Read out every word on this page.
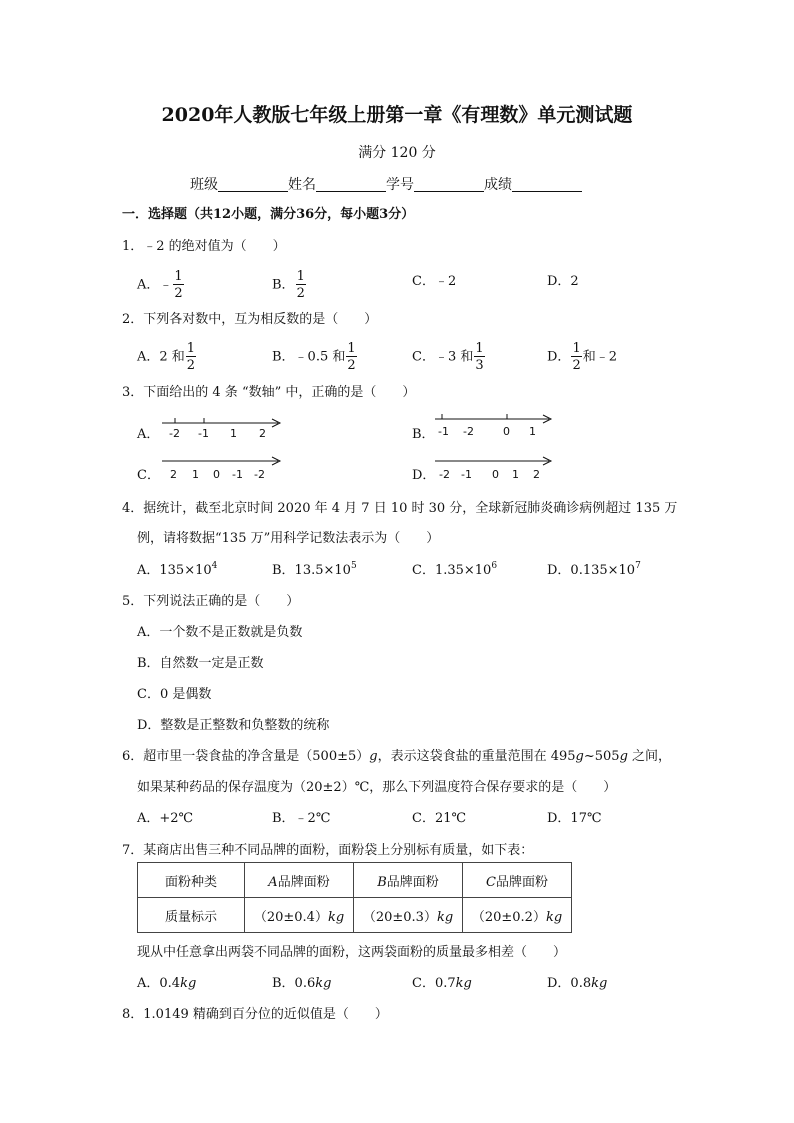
2020年人教版七年级上册第一章《有理数》单元测试题
满分 120 分
班级	姓名	学号	成绩
一．选择题（共12小题，满分36分，每小题3分）
1．﹣2 的绝对值为（　　）
A．﹣ $\frac{1}{2}$	B． $\frac{1}{2}$	C．﹣2	D．2
2．下列各对数中，互为相反数的是（　　）
A．2 和 $\frac{1}{2}$	B．﹣0.5 和 $\frac{1}{2}$	C．﹣3 和 $\frac{1}{3}$	D． $\frac{1}{2}$ 和﹣2
3．下面给出的 4 条 “数轴” 中，正确的是（　　）
A． -2 -1 1 2	B． -1 -2	0 1
C． 2 1 0 -1 -2	D． -2 -1 0 1 2
4．据统计，截至北京时间 2020 年 4 月 7 日 10 时 30 分，全球新冠肺炎确诊病例超过 135 万
例，请将数据“135 万”用科学记数法表示为（　　）
A．$135\times 10^4$	B．$13.5\times 10^5$	C．$1.35\times 10^6$	D．$0.135\times 10^7$
5．下列说法正确的是（　　）
A．一个数不是正数就是负数
B．自然数一定是正数
C．0 是偶数
D．整数是正整数和负整数的统称
6．超市里一袋食盐的净含量是（500±5）g，表示这袋食盐的重量范围在 495g~505g 之间，
如果某种药品的保存温度为（20±2）℃，那么下列温度符合保存要求的是（　　）
A．+2℃	B．﹣2℃	C．21℃	D．17℃
7．某商店出售三种不同品牌的面粉，面粉袋上分别标有质量，如下表：
面粉种类	A品牌面粉	B品牌面粉	C品牌面粉
质量标示	（20±0.4）kg	（20±0.3）kg	（20±0.2）kg
现从中任意拿出两袋不同品牌的面粉，这两袋面粉的质量最多相差（　　）
A．0.4kg	B．0.6kg	C．0.7kg	D．0.8kg
8．1.0149 精确到百分位的近似值是（　　）
